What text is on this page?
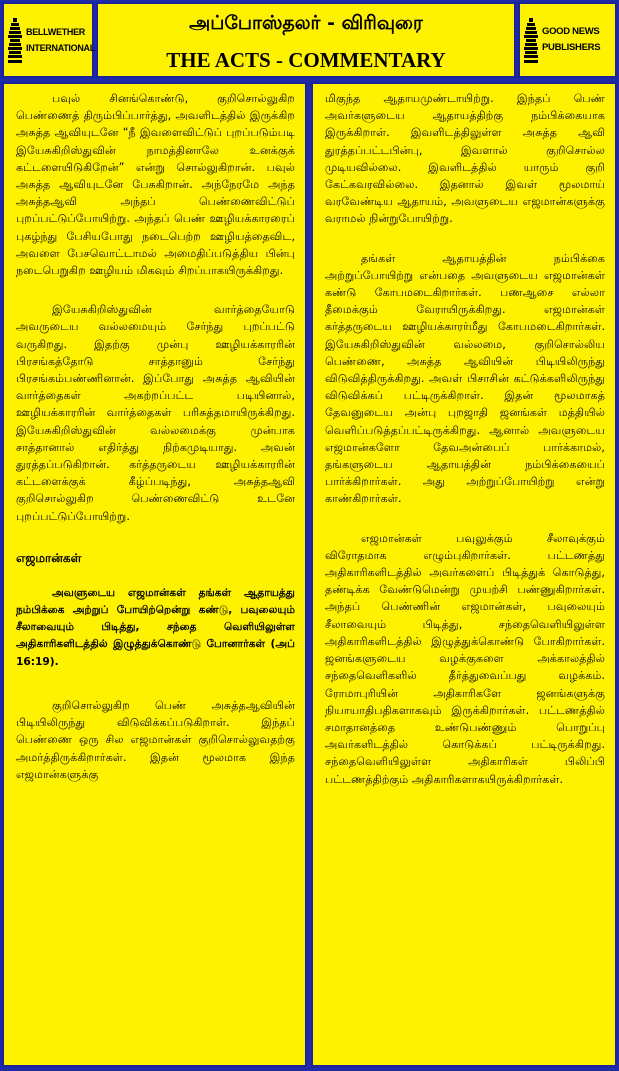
BELLWETHER
INTERNATIONAL
அப்போஸ்தலர் - விரிவுரை
THE ACTS - COMMENTARY
GOOD NEWS
PUBLISHERS

பவுல் சினங்கொண்டு, குறிசொல்லுகிற பெண்ணைத் திரும்பிப்பார்த்து, அவளிடத்தில் இருக்கிற அசுத்த ஆவியுடனே “நீ இவளைவிட்டுப் புறப்படும்படி இயேசுகிறிஸ்துவின் நாமத்தினாலே உனக்குக் கட்டளையிடுகிறேன்” என்று சொல்லுகிறான். பவுல் அசுத்த ஆவியுடனே பேசுகிறான். அந்நேரமே அந்த அசுத்தஆவி அந்தப் பெண்ணைவிட்டுப் புறப்பட்டுப்போயிற்று. அந்தப் பெண் ஊழியக்காரரைப் புகழ்ந்து பேசியபோது நடைபெற்ற ஊழியத்தைவிட, அவளை பேசவொட்டாமல் அமைதிப்படுத்திய பின்பு நடைபெறுகிற ஊழியம் மிகவும் சிறப்பாகயிருக்கிறது.

இயேசுகிறிஸ்துவின் வார்த்தையோடு அவருடைய வல்லமையும் சேர்ந்து புறப்பட்டு வருகிறது. இதற்கு முன்பு ஊழியக்காரரின் பிரசங்கத்தோடு சாத்தானும் சேர்ந்து பிரசங்கம்பண்ணினான். இப்போது அசுத்த ஆவியின் வார்த்தைகள் அகற்றப்பட்ட படியினால், ஊழியக்காரரின் வார்த்தைகள் பரிசுத்தமாயிருக்கிறது. இயேசுகிறிஸ்துவின் வல்லமைக்கு முன்பாக சாத்தானால் எதிர்த்து நிற்கமுடியாது. அவன் துரத்தப்படுகிறான். கர்த்தருடைய ஊழியக்காரரின் கட்டளைக்குக் கீழ்ப்படிந்து, அசுத்தஆவி குறிசொல்லுகிற பெண்ணைவிட்டு உடனே புறப்பட்டுப்போயிற்று.

எஜமான்கள்

அவளுடைய எஜமான்கள் தங்கள் ஆதாயத்து நம்பிக்கை அற்றுப் போயிற்றென்று கண்டு, பவுலையும் சீலாவையும் பிடித்து, சந்தை வெளியிலுள்ள அதிகாரிகளிடத்தில் இழுத்துக்கொண்டு போனார்கள் (அப் 16:19).

குறிசொல்லுகிற பெண் அசுத்தஆவியின் பிடியிலிருந்து விடுவிக்கப்படுகிறாள். இந்தப் பெண்ணை ஒரு சில எஜமான்கள் குறிசொல்லுவதற்கு அமர்த்திருக்கிறார்கள். இதன் மூலமாக இந்த எஜமான்களுக்கு

மிகுந்த ஆதாயமுண்டாயிற்று. இந்தப் பெண் அவர்களுடைய ஆதாயத்திற்கு நம்பிக்கையாக இருக்கிறாள். இவளிடத்திலுள்ள அசுத்த ஆவி துரத்தப்பட்டபின்பு, இவளால் குறிசொல்ல முடியவில்லை. இவளிடத்தில் யாரும் குறி கேட்கவரவில்லை. இதனால் இவள் மூலமாய் வரவேண்டிய ஆதாயம், அவளுடைய எஜமான்களுக்கு வராமல் நின்றுபோயிற்று.

தங்கள் ஆதாயத்தின் நம்பிக்கை அற்றுப்போயிற்று என்பதை அவளுடைய எஜமான்கள் கண்டு கோபமடைகிறார்கள். பணஆசை எல்லா தீமைக்கும் வேராயிருக்கிறது. எஜமான்கள் கர்த்தருடைய ஊழியக்காரர்மீது கோபமடைகிறார்கள். இயேசுகிறிஸ்துவின் வல்லமை, குறிசொல்லிய பெண்ணை, அசுத்த ஆவியின் பிடியிலிருந்து விடுவித்திருக்கிறது. அவள் பிசாசின் கட்டுக்களிலிருந்து விடுவிக்கப் பட்டிருக்கிறாள். இதன் மூலமாகத் தேவனுடைய அன்பு புறஜாதி ஜனங்கள் மத்தியில் வெளிப்படுத்தப்பட்டிருக்கிறது. ஆனால் அவளுடைய எஜமான்களோ தேவஅன்பைப் பார்க்காமல், தங்களுடைய ஆதாயத்தின் நம்பிக்கையைப் பார்க்கிறார்கள். அது அற்றுப்போயிற்று என்று காண்கிறார்கள்.

எஜமான்கள் பவுலுக்கும் சீலாவுக்கும் விரோதமாக எழும்புகிறார்கள். பட்டணத்து அதிகாரிகளிடத்தில் அவர்களைப் பிடித்துக் கொடுத்து, தண்டிக்க வேண்டுமென்று முயற்சி பண்ணுகிறார்கள். அந்தப் பெண்ணின் எஜமான்கள், பவுலையும் சீலாவையும் பிடித்து, சந்தைவெளியிலுள்ள அதிகாரிகளிடத்தில் இழுத்துக்கொண்டு போகிறார்கள். ஜனங்களுடைய வழக்குகளை அக்காலத்தில் சந்தைவெளிகளில் தீர்த்துவைப்பது வழக்கம். ரோமாபுரியின் அதிகாரிகளே ஜனங்களுக்கு நியாயாதிபதிகளாகவும் இருக்கிறார்கள். பட்டணத்தில் சமாதானத்தை உண்டுபண்ணும் பொறுப்பு அவர்களிடத்தில் கொடுக்கப் பட்டிருக்கிறது. சந்தைவெளியிலுள்ள அதிகாரிகள் பிலிப்பி பட்டணத்திற்கும் அதிகாரிகளாகயிருக்கிறார்கள்.
